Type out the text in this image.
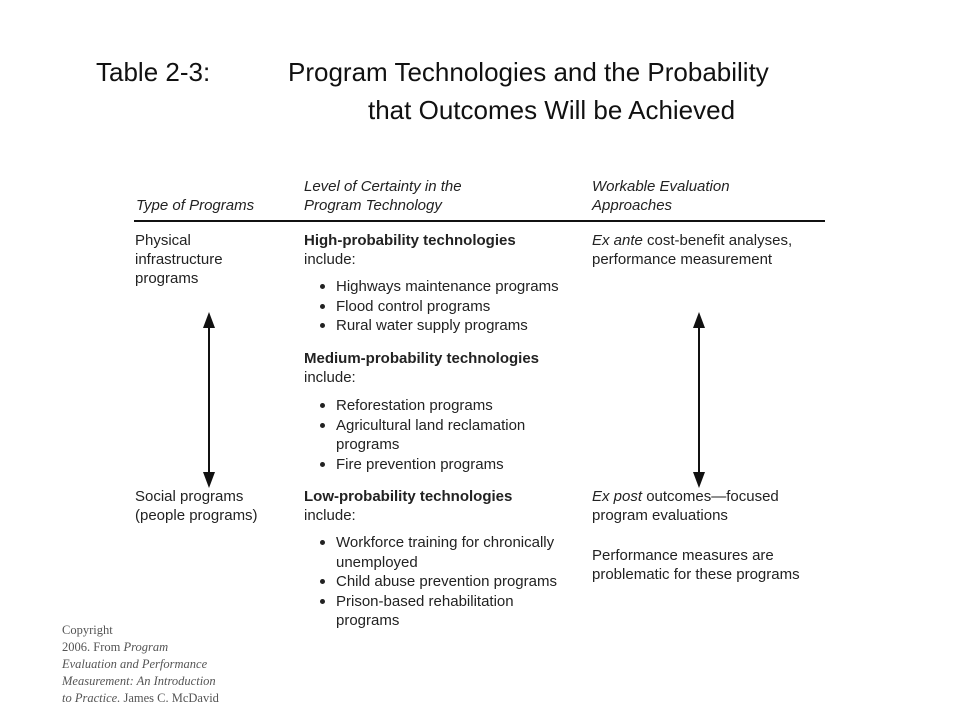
Table 2-3:	Program Technologies and the Probability
that Outcomes Will be Achieved

Type of Programs
Level of Certainty in the
Program Technology
Workable Evaluation
Approaches
Physical
infrastructure
programs
Social programs
(people programs)
High-probability technologies
include:
Highways maintenance programs
Flood control programs
Rural water supply programs
Medium-probability technologies
include:
Reforestation programs
Agricultural land reclamation
programs
Fire prevention programs
Low-probability technologies
include:
Workforce training for chronically
unemployed
Child abuse prevention programs
Prison-based rehabilitation
programs
Ex ante cost-benefit analyses,
performance measurement
Ex post outcomes—focused
program evaluations
Performance measures are
problematic for these programs
Copyright
2006. From Program
Evaluation and Performance
Measurement: An Introduction
to Practice. James C. McDavid
